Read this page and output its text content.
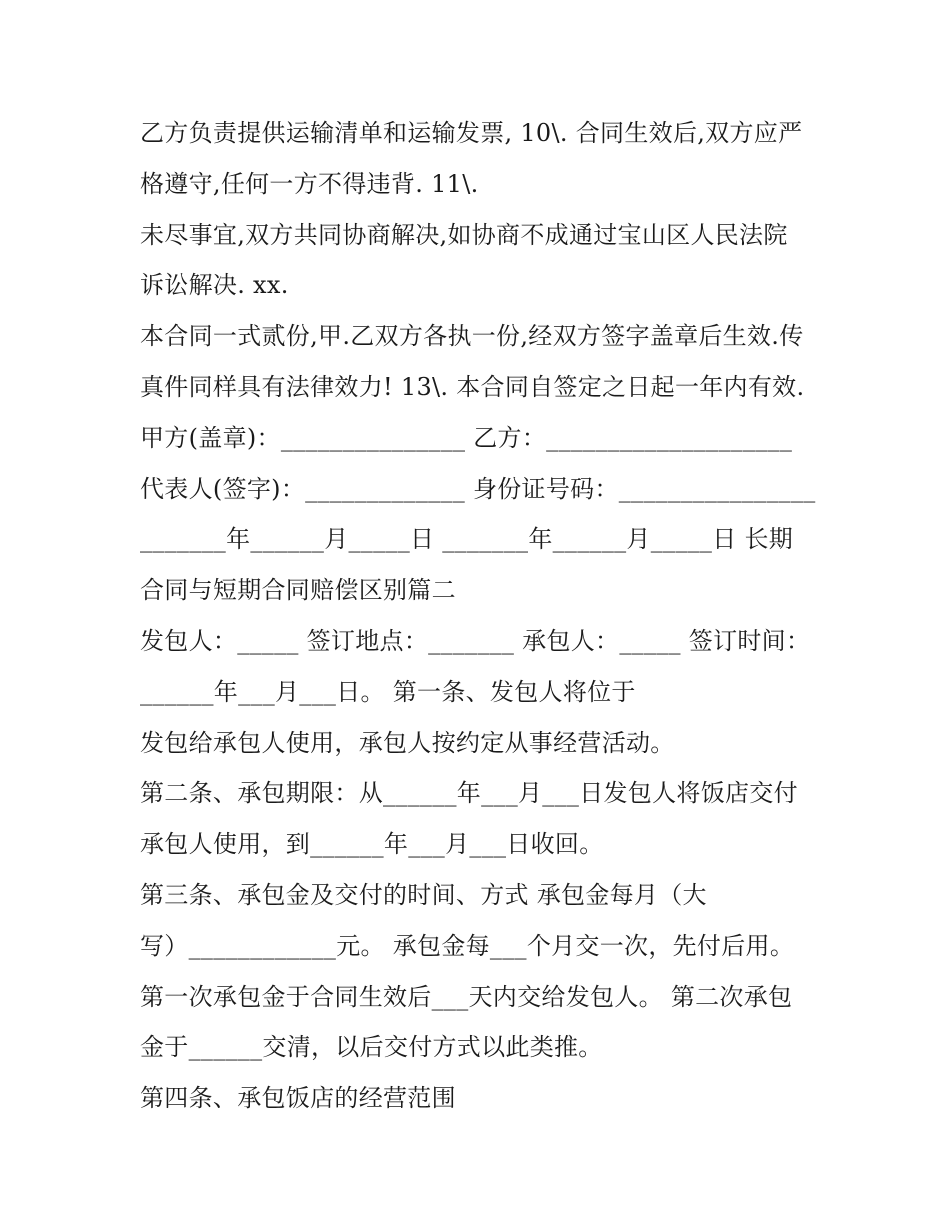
乙方负责提供运输清单和运输发票, 10\. 合同生效后,双方应严
格遵守,任何一方不得违背. 11\.
未尽事宜,双方共同协商解决,如协商不成通过宝山区人民法院
诉讼解决. xx.
本合同一式贰份,甲.乙双方各执一份,经双方签字盖章后生效.传
真件同样具有法律效力! 13\. 本合同自签定之日起一年内有效.
甲方(盖章)：_______________ 乙方：____________________
代表人(签字)：_____________ 身份证号码：________________
_______年______月_____日 _______年______月_____日 长期
合同与短期合同赔偿区别篇二
发包人：_____ 签订地点：_______ 承包人：_____ 签订时间：
______年___月___日。 第一条、发包人将位于
发包给承包人使用，承包人按约定从事经营活动。
第二条、承包期限：从______年___月___日发包人将饭店交付
承包人使用，到______年___月___日收回。
第三条、承包金及交付的时间、方式 承包金每月（大
写）____________元。 承包金每___个月交一次，先付后用。
第一次承包金于合同生效后___天内交给发包人。 第二次承包
金于______交清，以后交付方式以此类推。
第四条、承包饭店的经营范围
